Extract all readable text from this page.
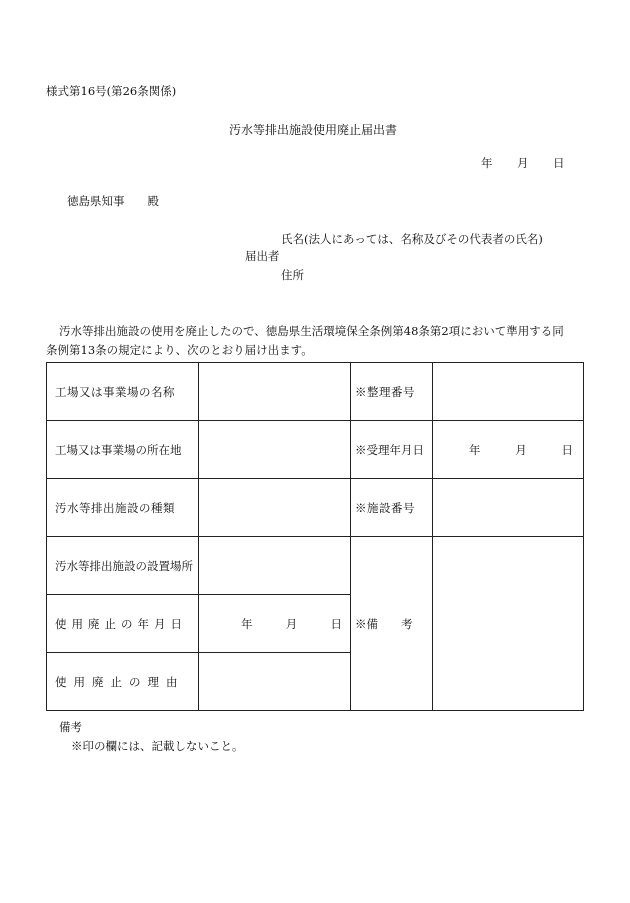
様式第16号(第26条関係)
汚水等排出施設使用廃止届出書
年 月 日
徳島県知事　　殿
氏名(法人にあっては、名称及びその代表者の氏名)
届出者
住所
汚水等排出施設の使用を廃止したので、徳島県生活環境保全条例第48条第2項において準用する同
条例第13条の規定により、次のとおり届け出ます。
工場又は事業場の名称		※整理番号	
工場又は事業場の所在地		※受理年月日	年 月 日

汚水等排出施設の種類		※施設番号	
汚水等排出施設の設置場所		※備　　考	
使用廃止の年月日	年 月 日		

使用廃止の理由			
備考
※印の欄には、記載しないこと。
